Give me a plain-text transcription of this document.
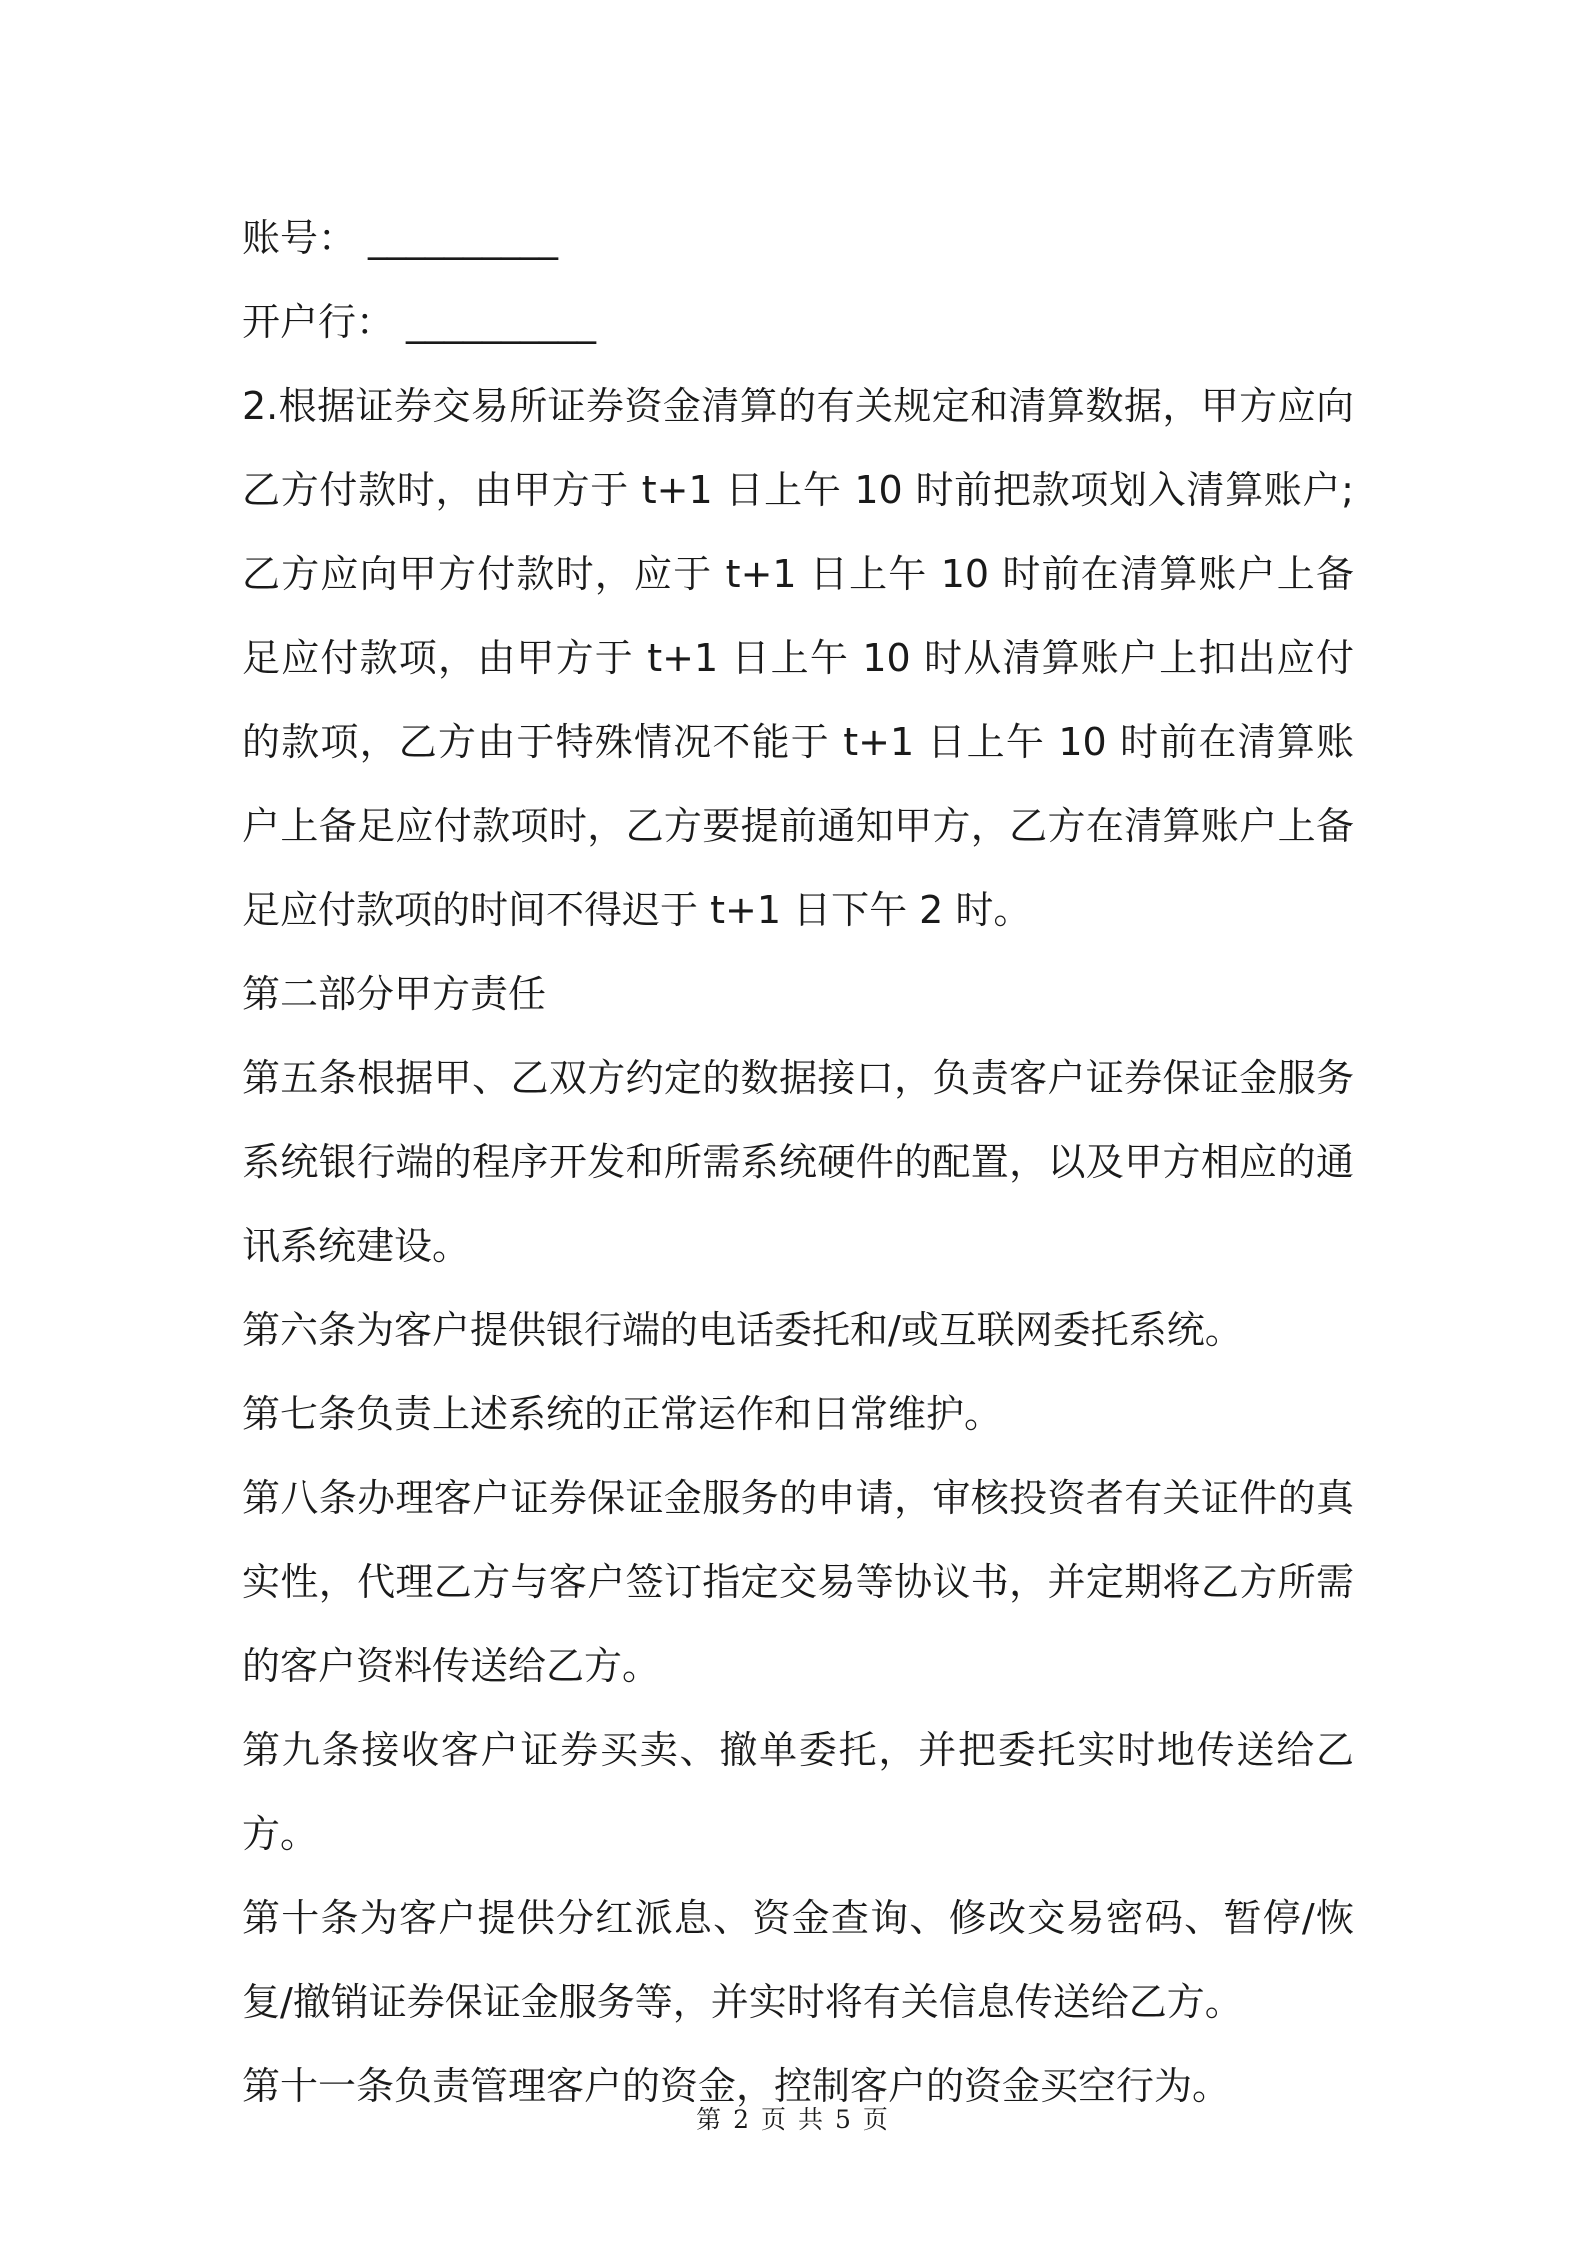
账号： __________

开户行： __________

2.根据证券交易所证券资金清算的有关规定和清算数据，甲方应向乙方付款时，由甲方于 t+1 日上午 10 时前把款项划入清算账户;乙方应向甲方付款时，应于 t+1 日上午 10 时前在清算账户上备足应付款项，由甲方于 t+1 日上午 10 时从清算账户上扣出应付的款项，乙方由于特殊情况不能于 t+1 日上午 10 时前在清算账户上备足应付款项时，乙方要提前通知甲方，乙方在清算账户上备足应付款项的时间不得迟于 t+1 日下午 2 时。

第二部分甲方责任

第五条根据甲、乙双方约定的数据接口，负责客户证券保证金服务系统银行端的程序开发和所需系统硬件的配置，以及甲方相应的通讯系统建设。

第六条为客户提供银行端的电话委托和/或互联网委托系统。

第七条负责上述系统的正常运作和日常维护。

第八条办理客户证券保证金服务的申请，审核投资者有关证件的真实性，代理乙方与客户签订指定交易等协议书，并定期将乙方所需的客户资料传送给乙方。

第九条接收客户证券买卖、撤单委托，并把委托实时地传送给乙方。

第十条为客户提供分红派息、资金查询、修改交易密码、暂停/恢复/撤销证券保证金服务等，并实时将有关信息传送给乙方。

第十一条负责管理客户的资金，控制客户的资金买空行为。

第 2 页 共 5 页
